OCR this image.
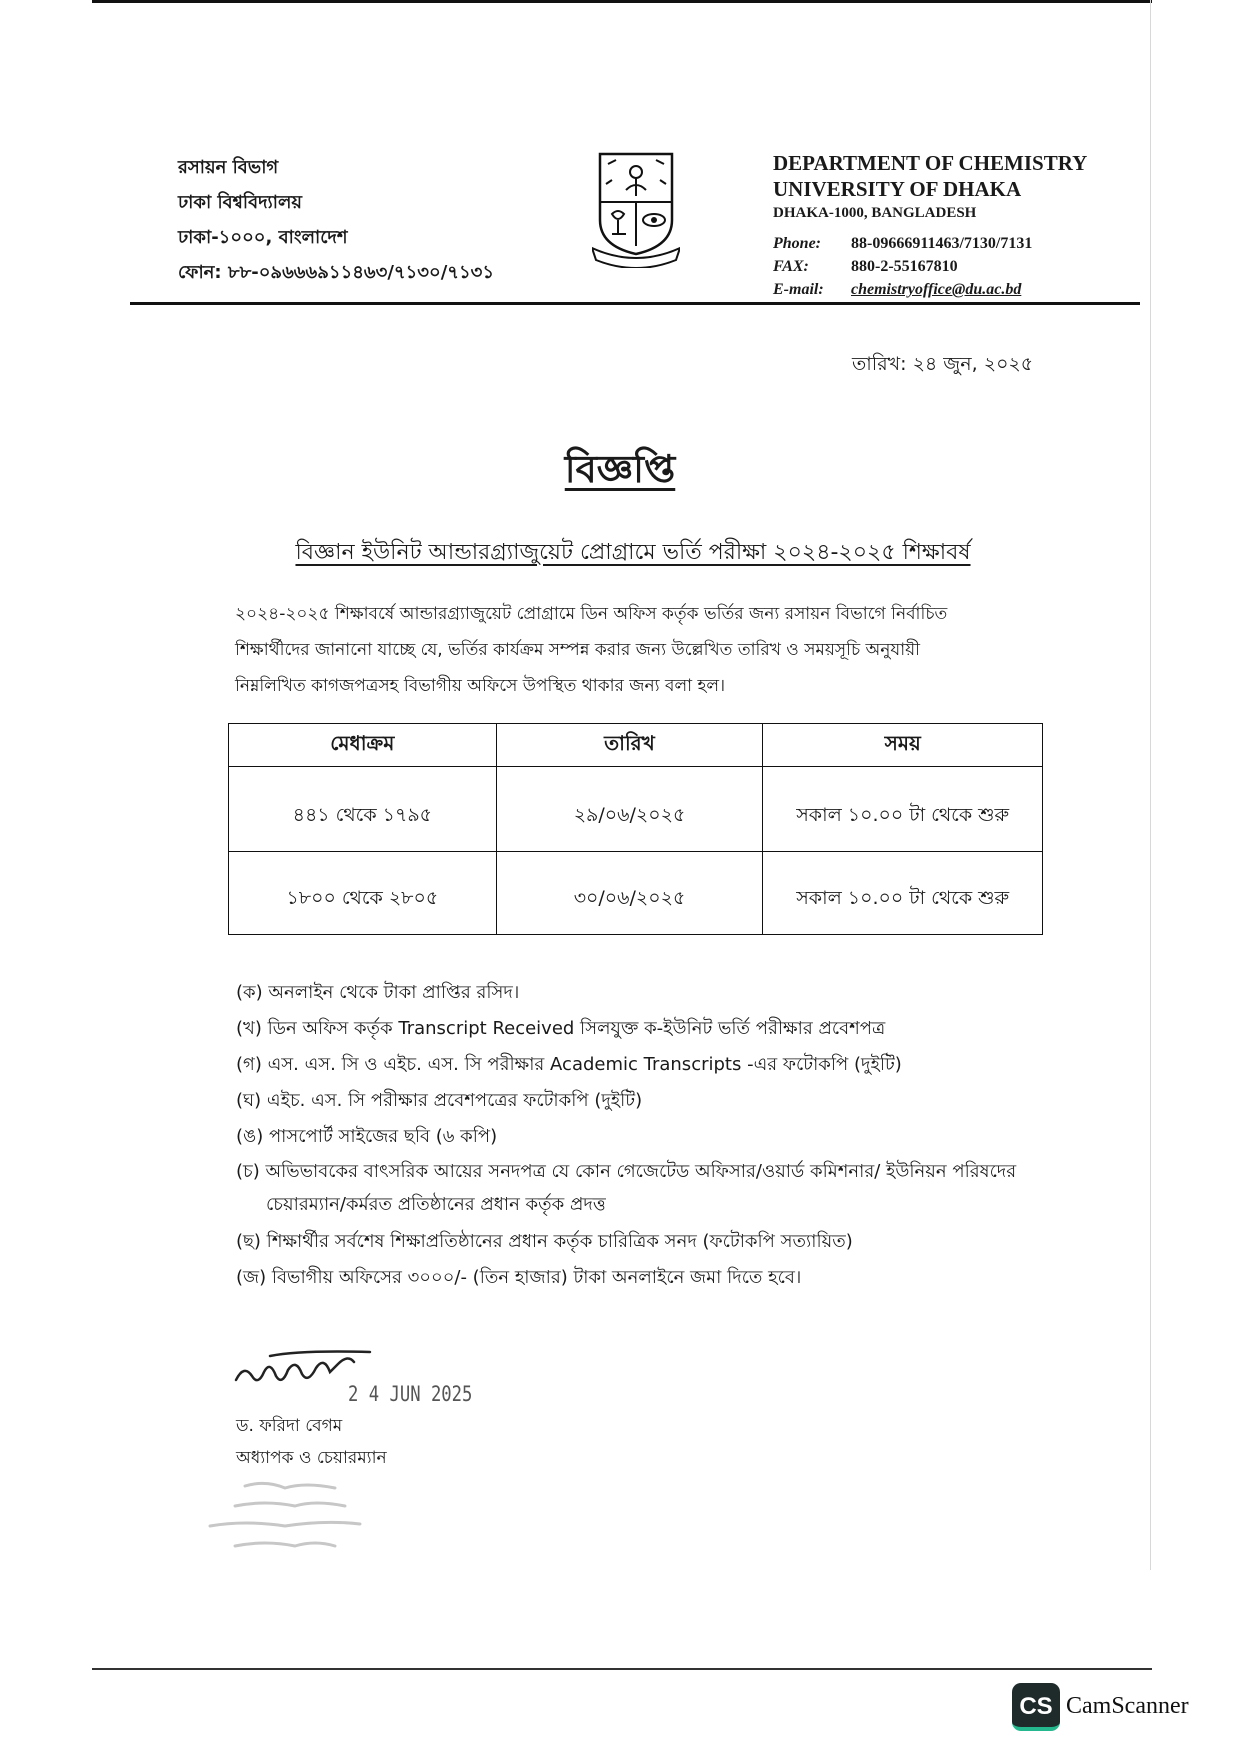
রসায়ন বিভাগ
ঢাকা বিশ্ববিদ্যালয়
ঢাকা-১০০০, বাংলাদেশ
ফোন: ৮৮-০৯৬৬৬৯১১৪৬৩/৭১৩০/৭১৩১
DEPARTMENT OF CHEMISTRY
UNIVERSITY OF DHAKA
DHAKA-1000, BANGLADESH
Phone: 88-09666911463/7130/7131
FAX:	880-2-55167810
E-mail: chemistryoffice@du.ac.bd
তারিখ: ২৪ জুন, ২০২৫
বিজ্ঞপ্তি
বিজ্ঞান ইউনিট আন্ডারগ্র্যাজুয়েট প্রোগ্রামে ভর্তি পরীক্ষা ২০২৪-২০২৫ শিক্ষাবর্ষ
২০২৪-২০২৫ শিক্ষাবর্ষে আন্ডারগ্র্যাজুয়েট প্রোগ্রামে ডিন অফিস কর্তৃক ভর্তির জন্য রসায়ন বিভাগে নির্বাচিত
শিক্ষার্থীদের জানানো যাচ্ছে যে, ভর্তির কার্যক্রম সম্পন্ন করার জন্য উল্লেখিত তারিখ ও সময়সূচি অনুযায়ী
নিম্নলিখিত কাগজপত্রসহ বিভাগীয় অফিসে উপস্থিত থাকার জন্য বলা হল।
মেধাক্রম	তারিখ	সময়
৪৪১ থেকে ১৭৯৫	২৯/০৬/২০২৫	সকাল ১০.০০ টা থেকে শুরু
১৮০০ থেকে ২৮০৫	৩০/০৬/২০২৫	সকাল ১০.০০ টা থেকে শুরু
(ক) অনলাইন থেকে টাকা প্রাপ্তির রসিদ।
(খ) ডিন অফিস কর্তৃক Transcript Received সিলযুক্ত ক-ইউনিট ভর্তি পরীক্ষার প্রবেশপত্র
(গ) এস. এস. সি ও এইচ. এস. সি পরীক্ষার Academic Transcripts -এর ফটোকপি (দুইটি)
(ঘ) এইচ. এস. সি পরীক্ষার প্রবেশপত্রের ফটোকপি (দুইটি)
(ঙ) পাসপোর্ট সাইজের ছবি (৬ কপি)
(চ) অভিভাবকের বাৎসরিক আয়ের সনদপত্র যে কোন গেজেটেড অফিসার/ওয়ার্ড কমিশনার/ ইউনিয়ন পরিষদের
চেয়ারম্যান/কর্মরত প্রতিষ্ঠানের প্রধান কর্তৃক প্রদত্ত
(ছ) শিক্ষার্থীর সর্বশেষ শিক্ষাপ্রতিষ্ঠানের প্রধান কর্তৃক চারিত্রিক সনদ (ফটোকপি সত্যায়িত)
(জ) বিভাগীয় অফিসের ৩০০০/- (তিন হাজার) টাকা অনলাইনে জমা দিতে হবে।
2 4 JUN 2025
ড. ফরিদা বেগম
অধ্যাপক ও চেয়ারম্যান
CS CamScanner
